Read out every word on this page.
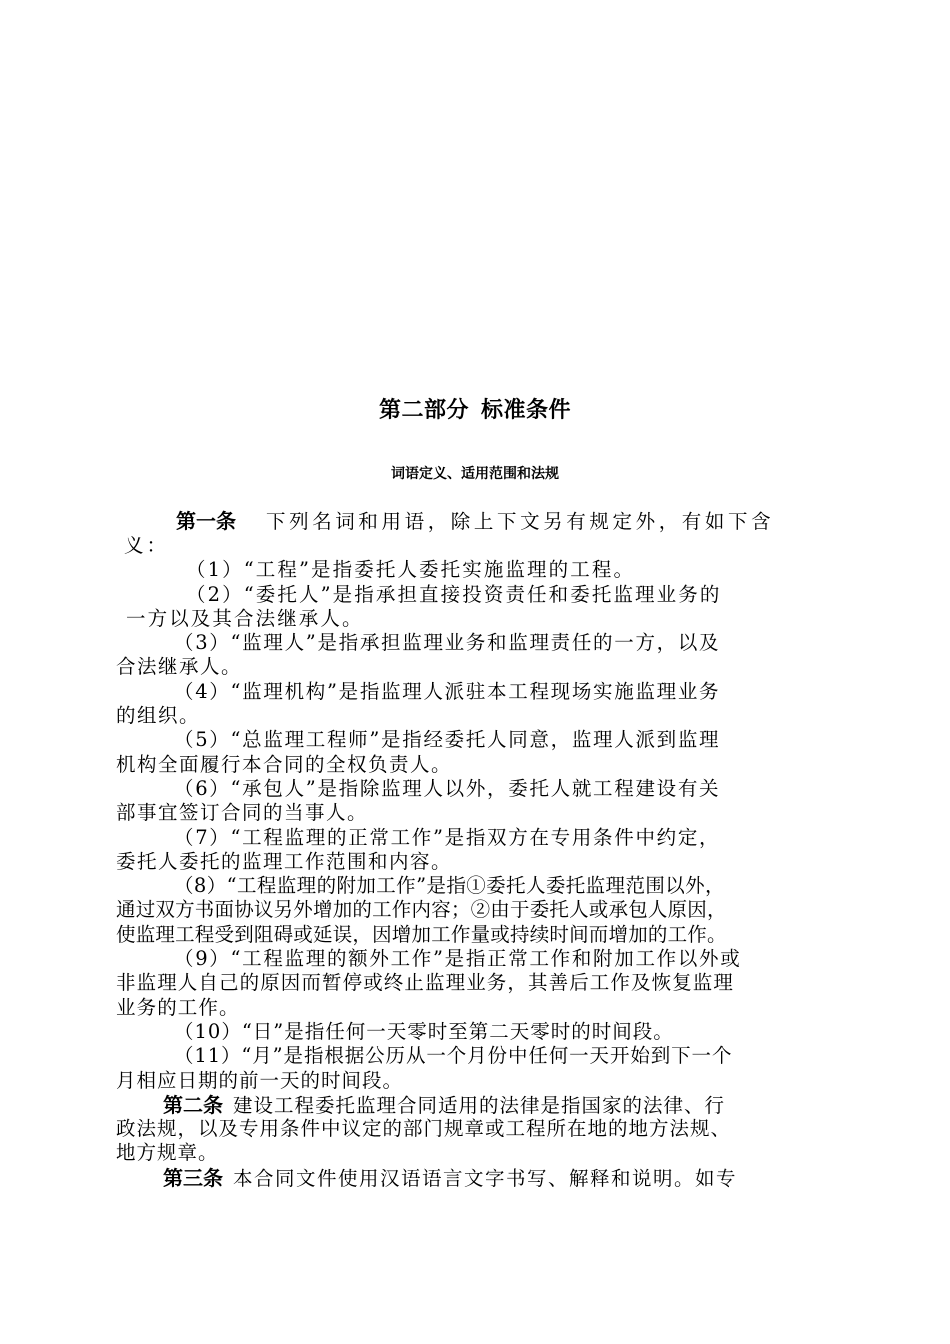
第二部分 标准条件
词语定义、适用范围和法规
第一条 下列名词和用语，除上下文另有规定外，有如下含
义：
（1）“工程”是指委托人委托实施监理的工程。
（2）“委托人”是指承担直接投资责任和委托监理业务的
一方以及其合法继承人。
（3）“监理人”是指承担监理业务和监理责任的一方，以及
合法继承人。
（4）“监理机构”是指监理人派驻本工程现场实施监理业务
的组织。
（5）“总监理工程师”是指经委托人同意，监理人派到监理
机构全面履行本合同的全权负责人。
（6）“承包人”是指除监理人以外，委托人就工程建设有关
部事宜签订合同的当事人。
（7）“工程监理的正常工作”是指双方在专用条件中约定，
委托人委托的监理工作范围和内容。
（8）“工程监理的附加工作”是指①委托人委托监理范围以外，
通过双方书面协议另外增加的工作内容；②由于委托人或承包人原因，
使监理工程受到阻碍或延误，因增加工作量或持续时间而增加的工作。
（9）“工程监理的额外工作”是指正常工作和附加工作以外或
非监理人自己的原因而暂停或终止监理业务，其善后工作及恢复监理
业务的工作。
（10）“日”是指任何一天零时至第二天零时的时间段。
（11）“月”是指根据公历从一个月份中任何一天开始到下一个
月相应日期的前一天的时间段。
第二条 建设工程委托监理合同适用的法律是指国家的法律、行
政法规，以及专用条件中议定的部门规章或工程所在地的地方法规、
地方规章。
第三条 本合同文件使用汉语语言文字书写、解释和说明。如专
